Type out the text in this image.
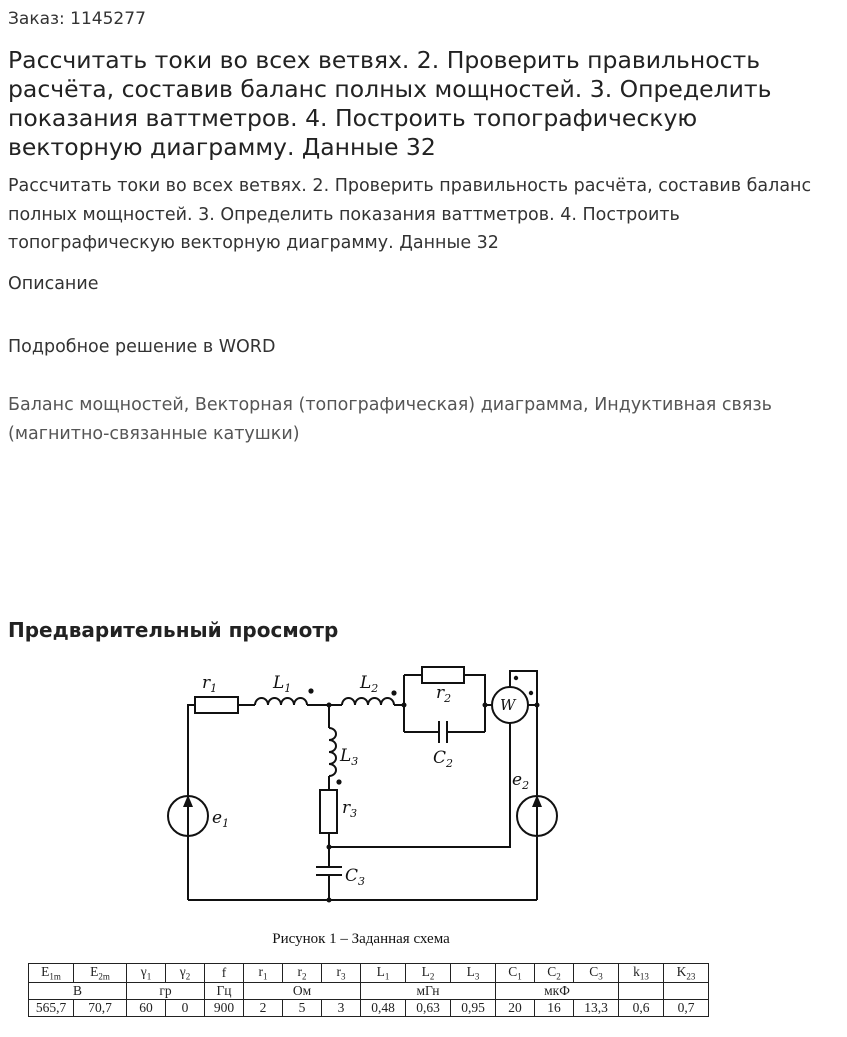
Заказ: 1145277
Рассчитать токи во всех ветвях. 2. Проверить правильность расчёта, составив баланс полных мощностей. 3. Определить показания ваттметров. 4. Построить топографическую векторную диаграмму. Данные 32
Рассчитать токи во всех ветвях. 2. Проверить правильность расчёта, составив баланс полных мощностей. 3. Определить показания ваттметров. 4. Построить топографическую векторную диаграмму. Данные 32
Описание
Подробное решение в WORD
Баланс мощностей, Векторная (топографическая) диаграмма, Индуктивная связь (магнитно-связанные катушки)
Предварительный просмотр
$r_1$	$L_1$	$L_2$	$r_2$
$C_2$
W
$L_3$
$r_3$
$C_3$
$e_1$
$e_2$
Рисунок 1 – Заданная схема
$E_{1m}$	$E_{2m}$	$\gamma_1$	$\gamma_2$	f	$r_1$	$r_2$	$r_3$	$L_1$	$L_2$	$L_3$	$C_1$	$C_2$	$C_3$	$k_{13}$	$K_{23}$
В		гр		Гц	Ом			мГн			мкФ				
565,7	70,7	60	0	900	2	5	3	0,48	0,63	0,95	20	16	13,3	0,6	0,7
